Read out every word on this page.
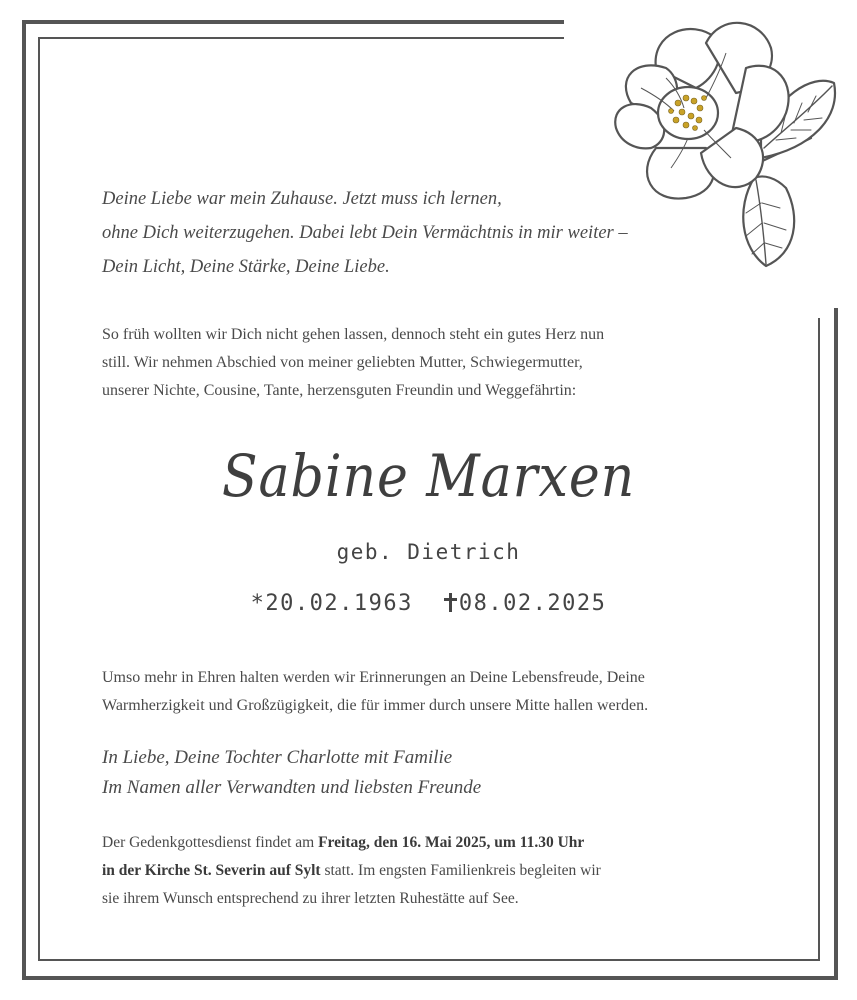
Deine Liebe war mein Zuhause. Jetzt muss ich lernen,
ohne Dich weiterzugehen. Dabei lebt Dein Vermächtnis in mir weiter –
Dein Licht, Deine Stärke, Deine Liebe.
So früh wollten wir Dich nicht gehen lassen, dennoch steht ein gutes Herz nun
still. Wir nehmen Abschied von meiner geliebten Mutter, Schwiegermutter,
unserer Nichte, Cousine, Tante, herzensguten Freundin und Weggefährtin:
Sabine Marxen
geb. Dietrich
*20.02.1963 08.02.2025
Umso mehr in Ehren halten werden wir Erinnerungen an Deine Lebensfreude, Deine
Warmherzigkeit und Großzügigkeit, die für immer durch unsere Mitte hallen werden.
In Liebe, Deine Tochter Charlotte mit Familie
Im Namen aller Verwandten und liebsten Freunde
Der Gedenkgottesdienst findet am Freitag, den 16. Mai 2025, um 11.30 Uhr
in der Kirche St. Severin auf Sylt statt. Im engsten Familienkreis begleiten wir
sie ihrem Wunsch entsprechend zu ihrer letzten Ruhestätte auf See.
